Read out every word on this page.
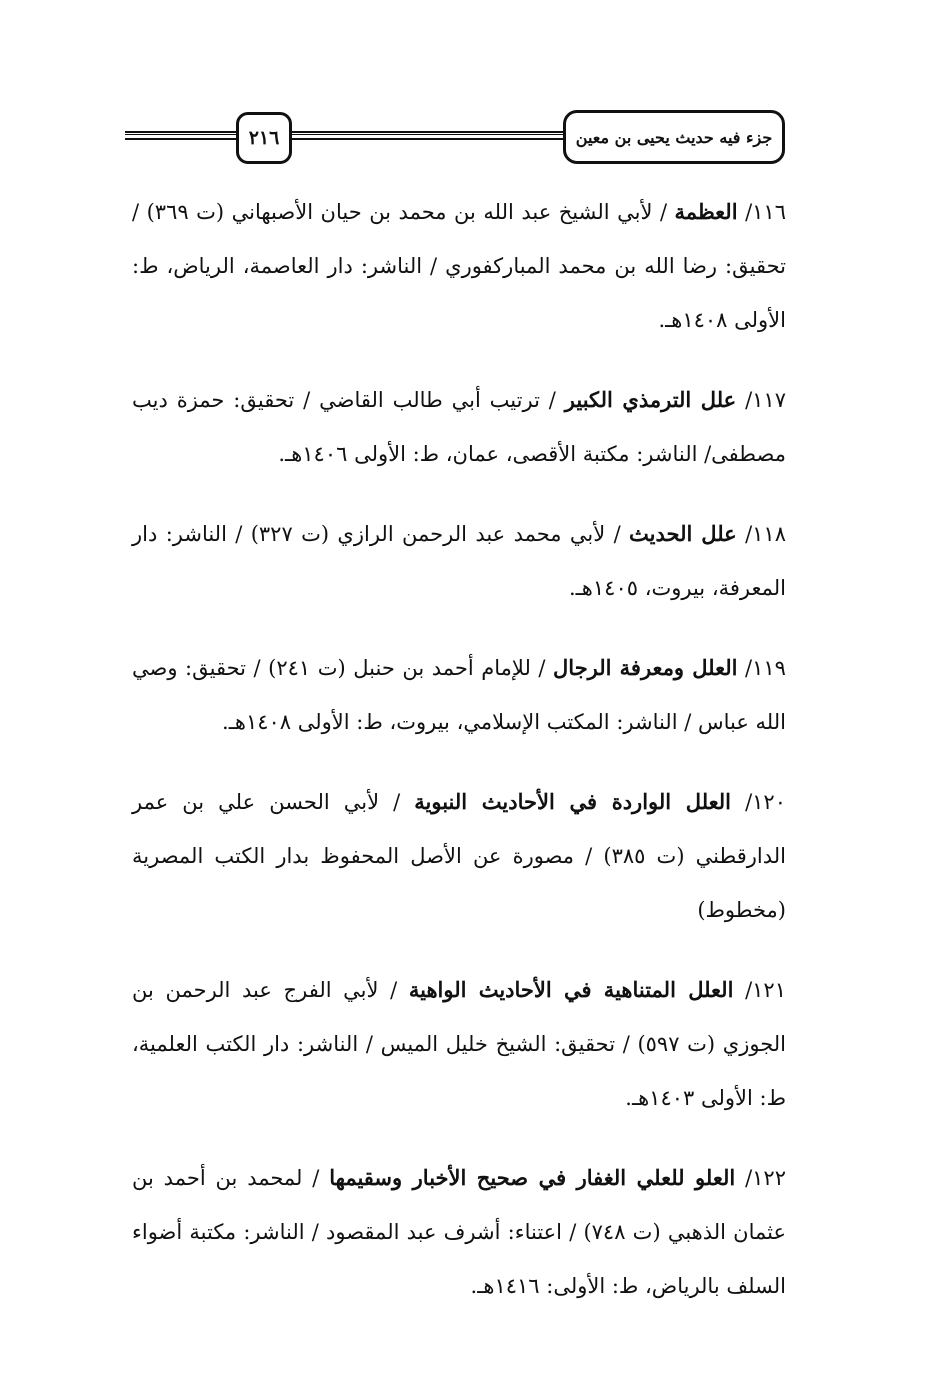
جزء فيه حديث يحيى بن معين
٢١٦

١١٦/ العظمة / لأبي الشيخ عبد الله بن محمد بن حيان الأصبهاني (ت ٣٦٩) / تحقيق: رضا الله بن محمد المباركفوري / الناشر: دار العاصمة، الرياض، ط: الأولى ١٤٠٨هـ.

١١٧/ علل الترمذي الكبير / ترتيب أبي طالب القاضي / تحقيق: حمزة ديب مصطفى/ الناشر: مكتبة الأقصى، عمان، ط: الأولى ١٤٠٦هـ.

١١٨/ علل الحديث / لأبي محمد عبد الرحمن الرازي (ت ٣٢٧) / الناشر: دار المعرفة، بيروت، ١٤٠٥هـ.

١١٩/ العلل ومعرفة الرجال / للإمام أحمد بن حنبل (ت ٢٤١) / تحقيق: وصي الله عباس / الناشر: المكتب الإسلامي، بيروت، ط: الأولى ١٤٠٨هـ.

١٢٠/ العلل الواردة في الأحاديث النبوية / لأبي الحسن علي بن عمر الدارقطني (ت ٣٨٥) / مصورة عن الأصل المحفوظ بدار الكتب المصرية (مخطوط)

١٢١/ العلل المتناهية في الأحاديث الواهية / لأبي الفرج عبد الرحمن بن الجوزي (ت ٥٩٧) / تحقيق: الشيخ خليل الميس / الناشر: دار الكتب العلمية، ط: الأولى ١٤٠٣هـ.

١٢٢/ العلو للعلي الغفار في صحيح الأخبار وسقيمها / لمحمد بن أحمد بن عثمان الذهبي (ت ٧٤٨) / اعتناء: أشرف عبد المقصود / الناشر: مكتبة أضواء السلف بالرياض، ط: الأولى: ١٤١٦هـ.
